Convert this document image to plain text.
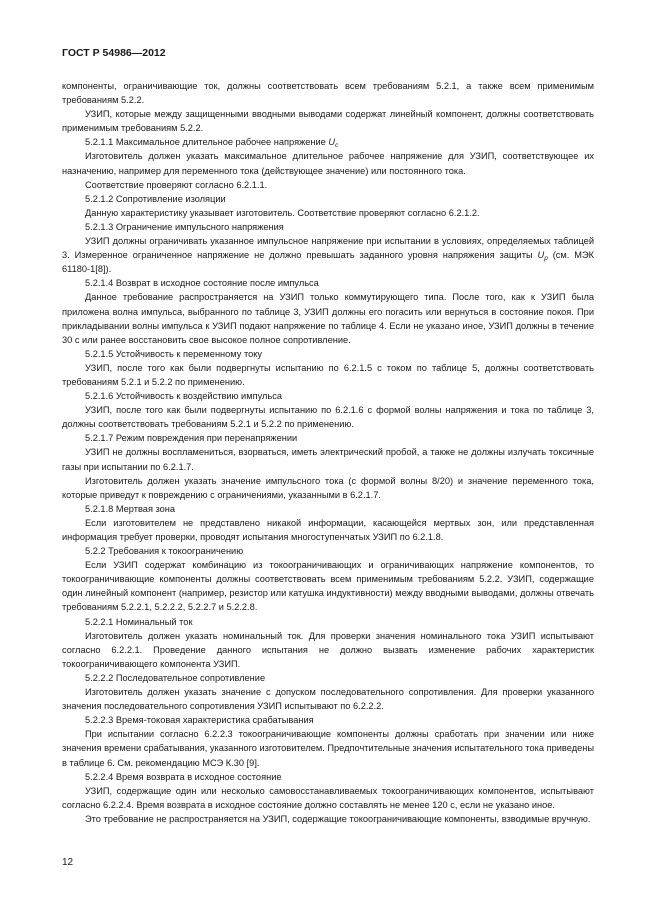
ГОСТ Р 54986—2012

компоненты, ограничивающие ток, должны соответствовать всем требованиям 5.2.1, а также всем применимым требованиям 5.2.2.

УЗИП, которые между защищенными вводными выводами содержат линейный компонент, должны соответствовать применимым требованиям 5.2.2.

5.2.1.1 Максимальное длительное рабочее напряжение $U_c$

Изготовитель должен указать максимальное длительное рабочее напряжение для УЗИП, соответствующее их назначению, например для переменного тока (действующее значение) или постоянного тока.

Соответствие проверяют согласно 6.2.1.1.

5.2.1.2 Сопротивление изоляции

Данную характеристику указывает изготовитель. Соответствие проверяют согласно 6.2.1.2.

5.2.1.3 Ограничение импульсного напряжения

УЗИП должны ограничивать указанное импульсное напряжение при испытании в условиях, определяемых таблицей 3. Измеренное ограниченное напряжение не должно превышать заданного уровня напряжения защиты $U_p$ (см. МЭК 61180-1[8]).

5.2.1.4 Возврат в исходное состояние после импульса

Данное требование распространяется на УЗИП только коммутирующего типа. После того, как к УЗИП была приложена волна импульса, выбранного по таблице 3, УЗИП должны его погасить или вернуться в состояние покоя. При прикладывании волны импульса к УЗИП подают напряжение по таблице 4. Если не указано иное, УЗИП должны в течение 30 с или ранее восстановить свое высокое полное сопротивление.

5.2.1.5 Устойчивость к переменному току

УЗИП, после того как были подвергнуты испытанию по 6.2.1.5 с током по таблице 5, должны соответствовать требованиям 5.2.1 и 5.2.2 по применению.

5.2.1.6 Устойчивость к воздействию импульса

УЗИП, после того как были подвергнуты испытанию по 6.2.1.6 с формой волны напряжения и тока по таблице 3, должны соответствовать требованиям 5.2.1 и 5.2.2 по применению.

5.2.1.7 Режим повреждения при перенапряжении

УЗИП не должны воспламениться, взорваться, иметь электрический пробой, а также не должны излучать токсичные газы при испытании по 6.2.1.7.

Изготовитель должен указать значение импульсного тока (с формой волны 8/20) и значение переменного тока, которые приведут к повреждению с ограничениями, указанными в 6.2.1.7.

5.2.1.8 Мертвая зона

Если изготовителем не представлено никакой информации, касающейся мертвых зон, или представленная информация требует проверки, проводят испытания многоступенчатых УЗИП по 6.2.1.8.

5.2.2 Требования к токоограничению

Если УЗИП содержат комбинацию из токоограничивающих и ограничивающих напряжение компонентов, то токоограничивающие компоненты должны соответствовать всем применимым требованиям 5.2.2. УЗИП, содержащие один линейный компонент (например, резистор или катушка индуктивности) между вводными выводами, должны отвечать требованиям 5.2.2.1, 5.2.2.2, 5.2.2.7 и 5.2.2.8.

5.2.2.1 Номинальный ток

Изготовитель должен указать номинальный ток. Для проверки значения номинального тока УЗИП испытывают согласно 6.2.2.1. Проведение данного испытания не должно вызвать изменение рабочих характеристик токоограничивающего компонента УЗИП.

5.2.2.2 Последовательное сопротивление

Изготовитель должен указать значение с допуском последовательного сопротивления. Для проверки указанного значения последовательного сопротивления УЗИП испытывают по 6.2.2.2.

5.2.2.3 Время-токовая характеристика срабатывания

При испытании согласно 6.2.2.3 токоограничивающие компоненты должны сработать при значении или ниже значения времени срабатывания, указанного изготовителем. Предпочтительные значения испытательного тока приведены в таблице 6. См. рекомендацию МСЭ К.30 [9].

5.2.2.4 Время возврата в исходное состояние

УЗИП, содержащие один или несколько самовосстанавливаемых токоограничивающих компонентов, испытывают согласно 6.2.2.4. Время возврата в исходное состояние должно составлять не менее 120 с, если не указано иное.

Это требование не распространяется на УЗИП, содержащие токоограничивающие компоненты, взводимые вручную.

12
